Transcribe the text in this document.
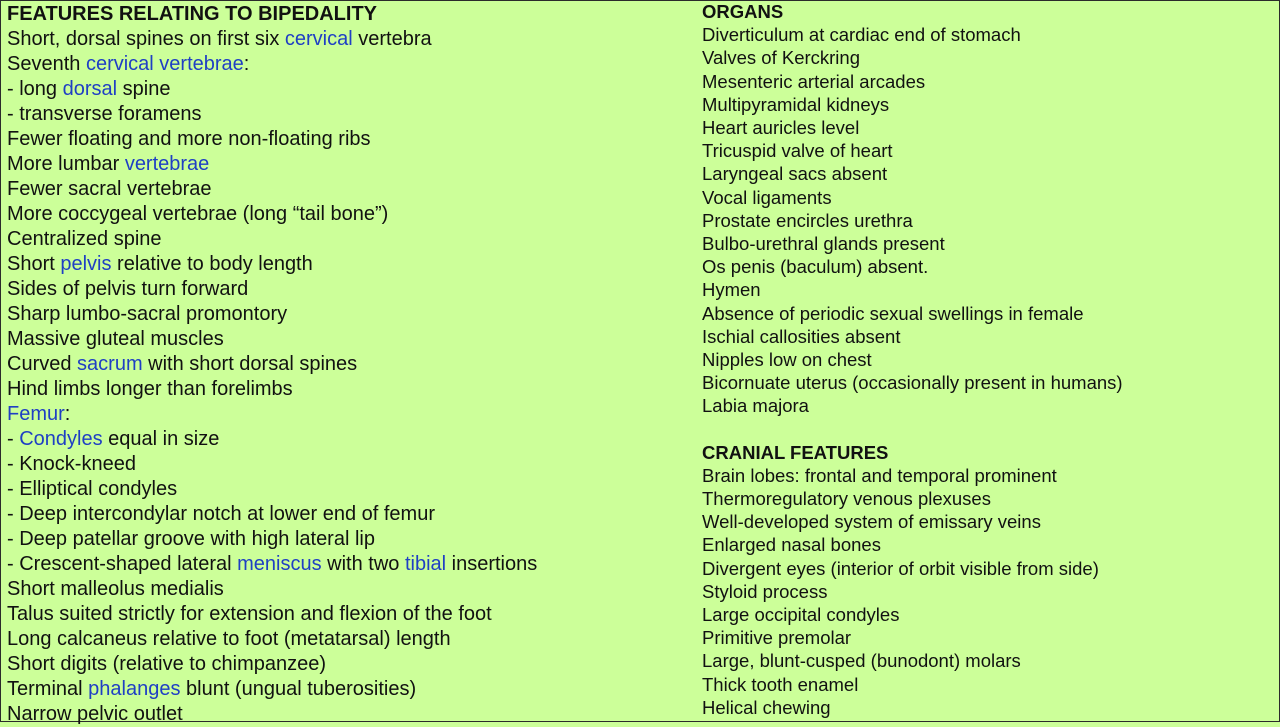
FEATURES RELATING TO BIPEDALITY
Short, dorsal spines on first six cervical vertebra
Seventh cervical vertebrae:
- long dorsal spine
- transverse foramens
Fewer floating and more non-floating ribs
More lumbar vertebrae
Fewer sacral vertebrae
More coccygeal vertebrae (long “tail bone”)
Centralized spine
Short pelvis relative to body length
Sides of pelvis turn forward
Sharp lumbo-sacral promontory
Massive gluteal muscles
Curved sacrum with short dorsal spines
Hind limbs longer than forelimbs
Femur:
- Condyles equal in size
- Knock-kneed
- Elliptical condyles
- Deep intercondylar notch at lower end of femur
- Deep patellar groove with high lateral lip
- Crescent-shaped lateral meniscus with two tibial insertions
Short malleolus medialis
Talus suited strictly for extension and flexion of the foot
Long calcaneus relative to foot (metatarsal) length
Short digits (relative to chimpanzee)
Terminal phalanges blunt (ungual tuberosities)
Narrow pelvic outlet
ORGANS
Diverticulum at cardiac end of stomach
Valves of Kerckring
Mesenteric arterial arcades
Multipyramidal kidneys
Heart auricles level
Tricuspid valve of heart
Laryngeal sacs absent
Vocal ligaments
Prostate encircles urethra
Bulbo-urethral glands present
Os penis (baculum) absent.
Hymen
Absence of periodic sexual swellings in female
Ischial callosities absent
Nipples low on chest
Bicornuate uterus (occasionally present in humans)
Labia majora
CRANIAL FEATURES
Brain lobes: frontal and temporal prominent
Thermoregulatory venous plexuses
Well-developed system of emissary veins
Enlarged nasal bones
Divergent eyes (interior of orbit visible from side)
Styloid process
Large occipital condyles
Primitive premolar
Large, blunt-cusped (bunodont) molars
Thick tooth enamel
Helical chewing
